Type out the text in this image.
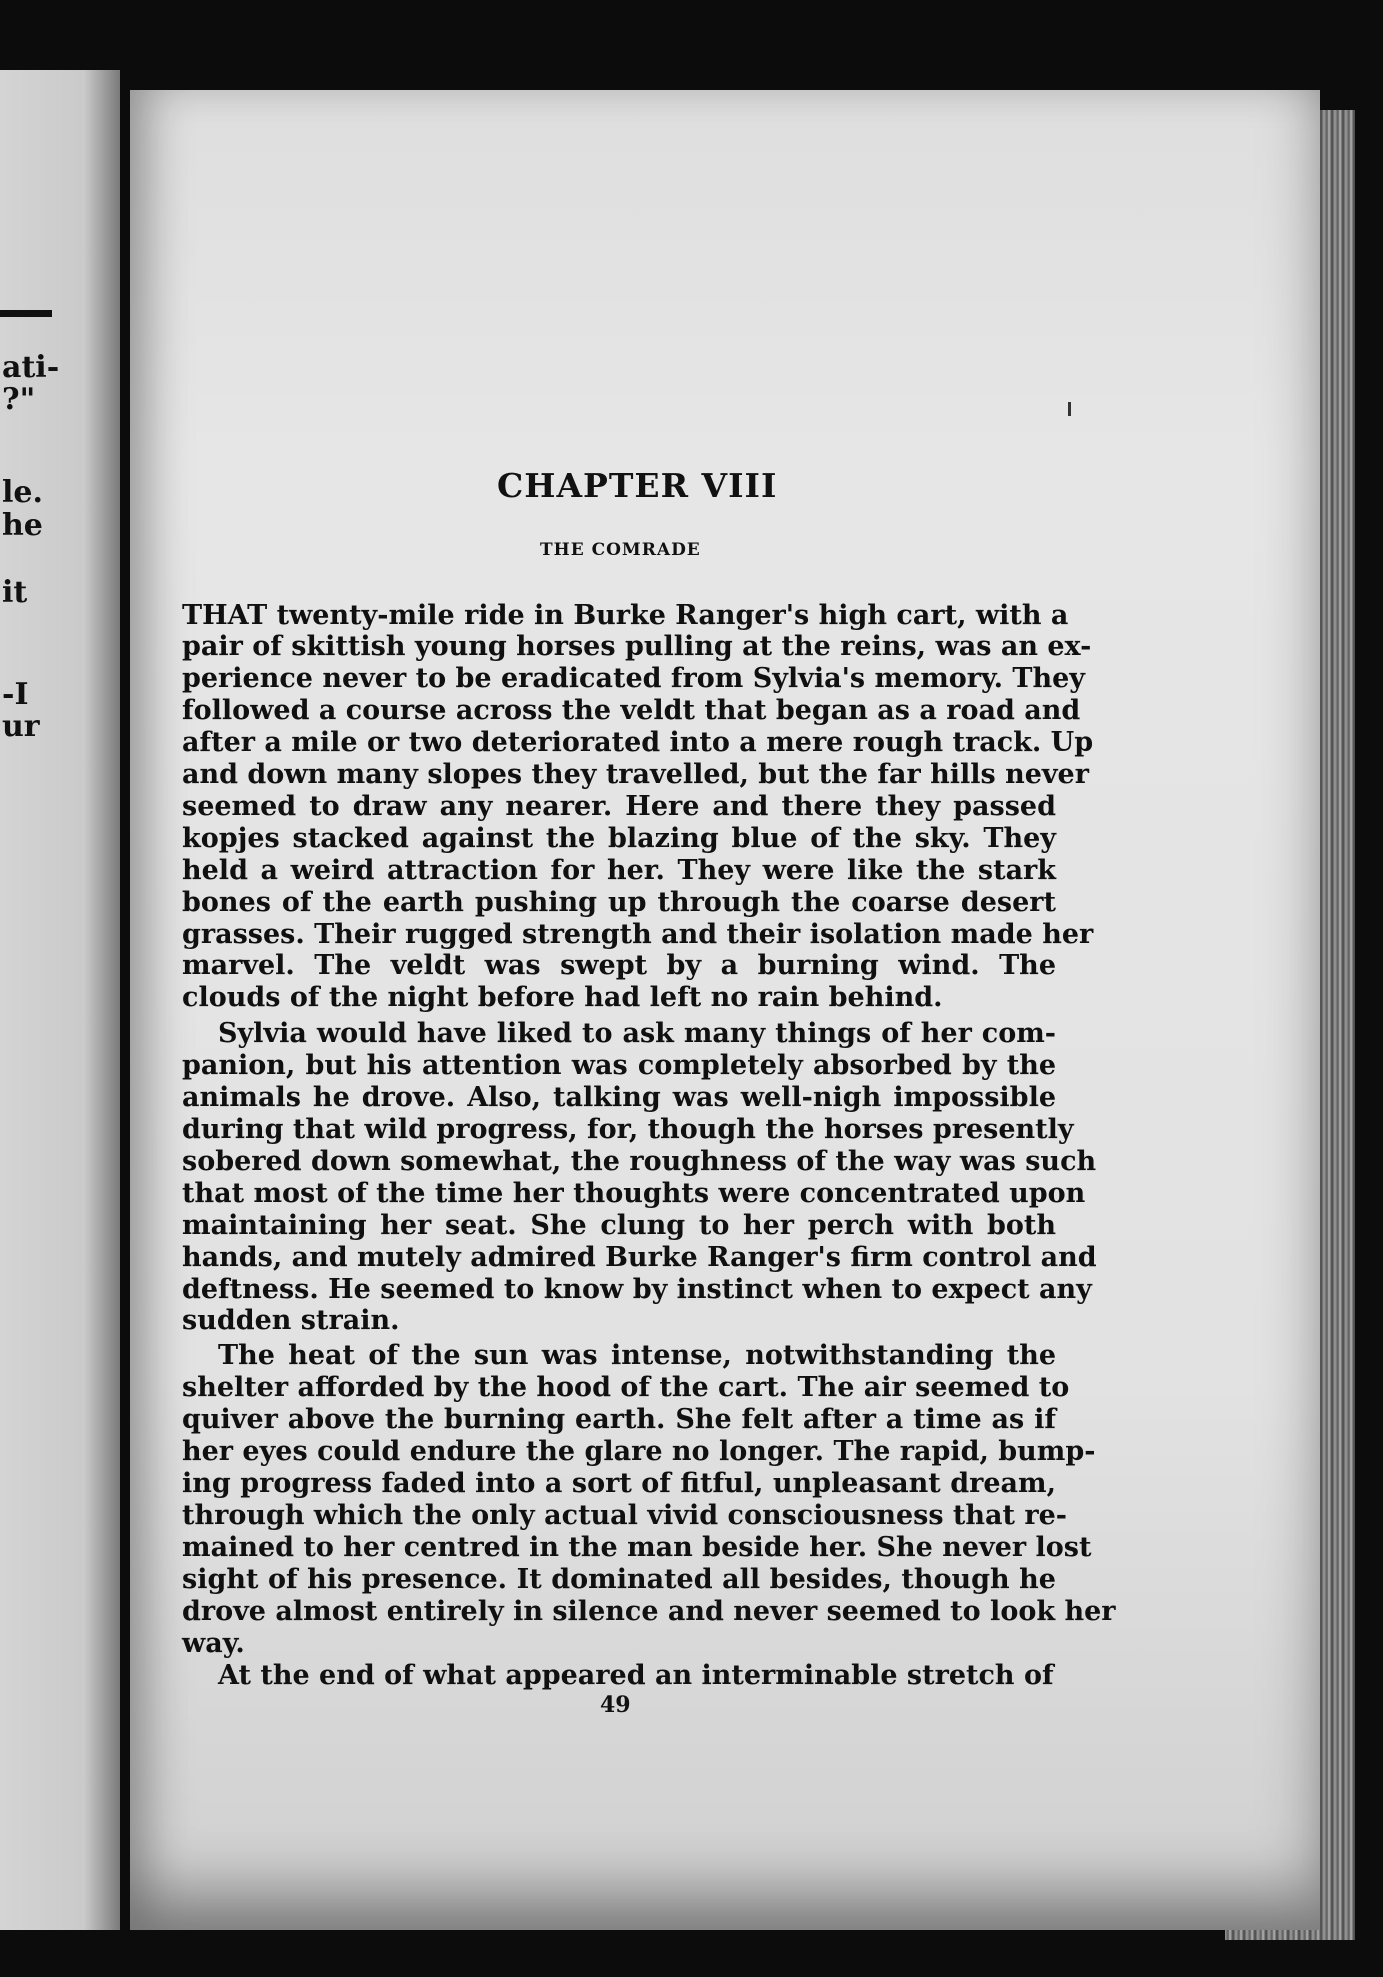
ati-
?"
le.
he
it
-I
ur
CHAPTER VIII
THE COMRADE
THAT twenty-mile ride in Burke Ranger's high cart, with a
pair of skittish young horses pulling at the reins, was an ex-
perience never to be eradicated from Sylvia's memory. They
followed a course across the veldt that began as a road and
after a mile or two deteriorated into a mere rough track. Up
and down many slopes they travelled, but the far hills never
seemed to draw any nearer. Here and there they passed
kopjes stacked against the blazing blue of the sky. They
held a weird attraction for her. They were like the stark
bones of the earth pushing up through the coarse desert
grasses. Their rugged strength and their isolation made her
marvel. The veldt was swept by a burning wind. The
clouds of the night before had left no rain behind.
Sylvia would have liked to ask many things of her com-
panion, but his attention was completely absorbed by the
animals he drove. Also, talking was well-nigh impossible
during that wild progress, for, though the horses presently
sobered down somewhat, the roughness of the way was such
that most of the time her thoughts were concentrated upon
maintaining her seat. She clung to her perch with both
hands, and mutely admired Burke Ranger's firm control and
deftness. He seemed to know by instinct when to expect any
sudden strain.
The heat of the sun was intense, notwithstanding the
shelter afforded by the hood of the cart. The air seemed to
quiver above the burning earth. She felt after a time as if
her eyes could endure the glare no longer. The rapid, bump-
ing progress faded into a sort of fitful, unpleasant dream,
through which the only actual vivid consciousness that re-
mained to her centred in the man beside her. She never lost
sight of his presence. It dominated all besides, though he
drove almost entirely in silence and never seemed to look her
way.
At the end of what appeared an interminable stretch of
49
